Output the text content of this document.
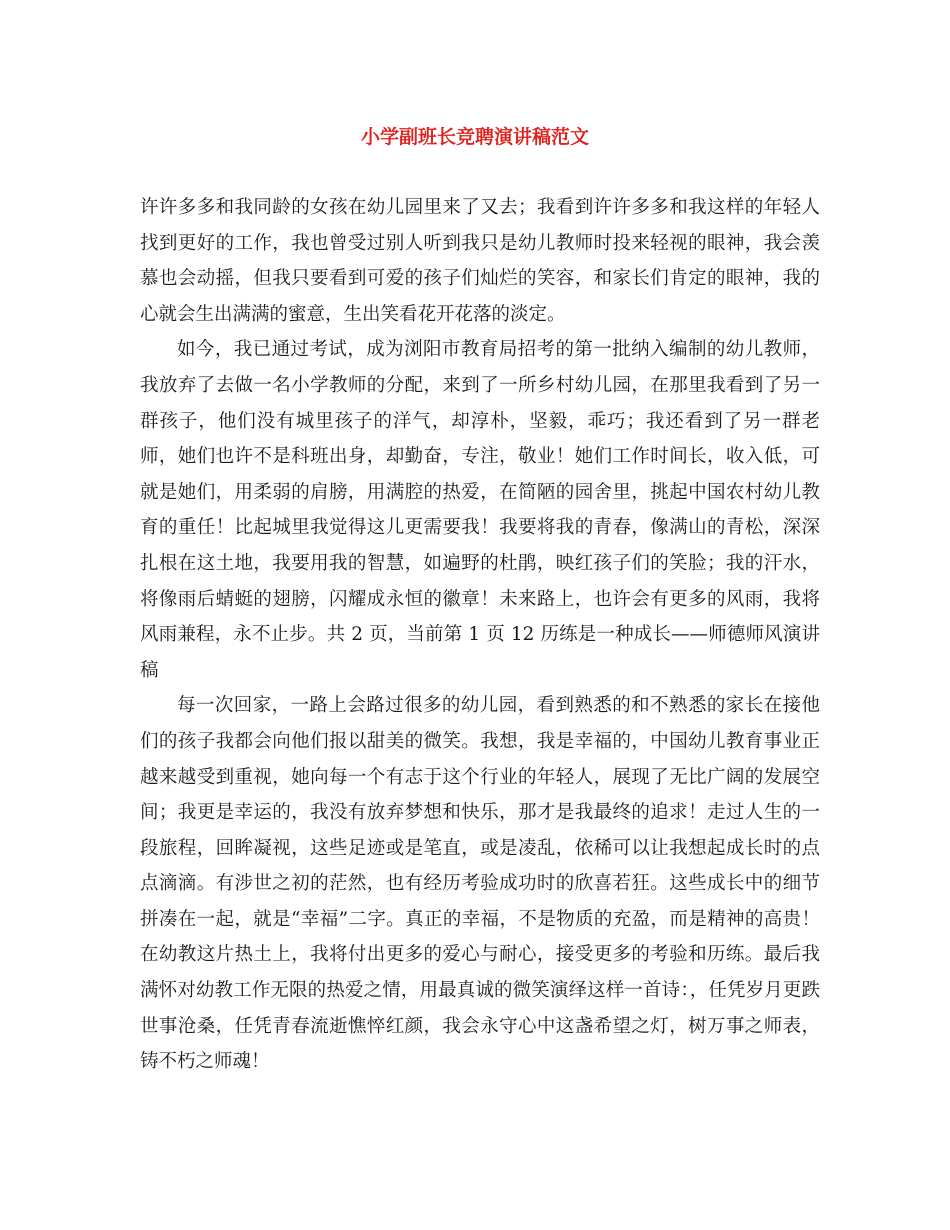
小学副班长竞聘演讲稿范文

许许多多和我同龄的女孩在幼儿园里来了又去；我看到许许多多和我这样的年轻人找到更好的工作，我也曾受过别人听到我只是幼儿教师时投来轻视的眼神，我会羡慕也会动摇，但我只要看到可爱的孩子们灿烂的笑容，和家长们肯定的眼神，我的心就会生出满满的蜜意，生出笑看花开花落的淡定。

如今，我已通过考试，成为浏阳市教育局招考的第一批纳入编制的幼儿教师，我放弃了去做一名小学教师的分配，来到了一所乡村幼儿园，在那里我看到了另一群孩子，他们没有城里孩子的洋气，却淳朴，坚毅，乖巧；我还看到了另一群老师，她们也许不是科班出身，却勤奋，专注，敬业！她们工作时间长，收入低，可就是她们，用柔弱的肩膀，用满腔的热爱，在简陋的园舍里，挑起中国农村幼儿教育的重任！比起城里我觉得这儿更需要我！我要将我的青春，像满山的青松，深深扎根在这土地，我要用我的智慧，如遍野的杜鹃，映红孩子们的笑脸；我的汗水，将像雨后蜻蜓的翅膀，闪耀成永恒的徽章！未来路上，也许会有更多的风雨，我将风雨兼程，永不止步。共 2 页，当前第 1 页 12 历练是一种成长——师德师风演讲稿

每一次回家，一路上会路过很多的幼儿园，看到熟悉的和不熟悉的家长在接他们的孩子我都会向他们报以甜美的微笑。我想，我是幸福的，中国幼儿教育事业正越来越受到重视，她向每一个有志于这个行业的年轻人，展现了无比广阔的发展空间；我更是幸运的，我没有放弃梦想和快乐，那才是我最终的追求！走过人生的一段旅程，回眸凝视，这些足迹或是笔直，或是凌乱，依稀可以让我想起成长时的点点滴滴。有涉世之初的茫然，也有经历考验成功时的欣喜若狂。这些成长中的细节拼凑在一起，就是“幸福”二字。真正的幸福，不是物质的充盈，而是精神的高贵！在幼教这片热土上，我将付出更多的爱心与耐心，接受更多的考验和历练。最后我满怀对幼教工作无限的热爱之情，用最真诚的微笑演绎这样一首诗：，任凭岁月更跌世事沧桑，任凭青春流逝憔悴红颜，我会永守心中这盏希望之灯，树万事之师表，铸不朽之师魂！
